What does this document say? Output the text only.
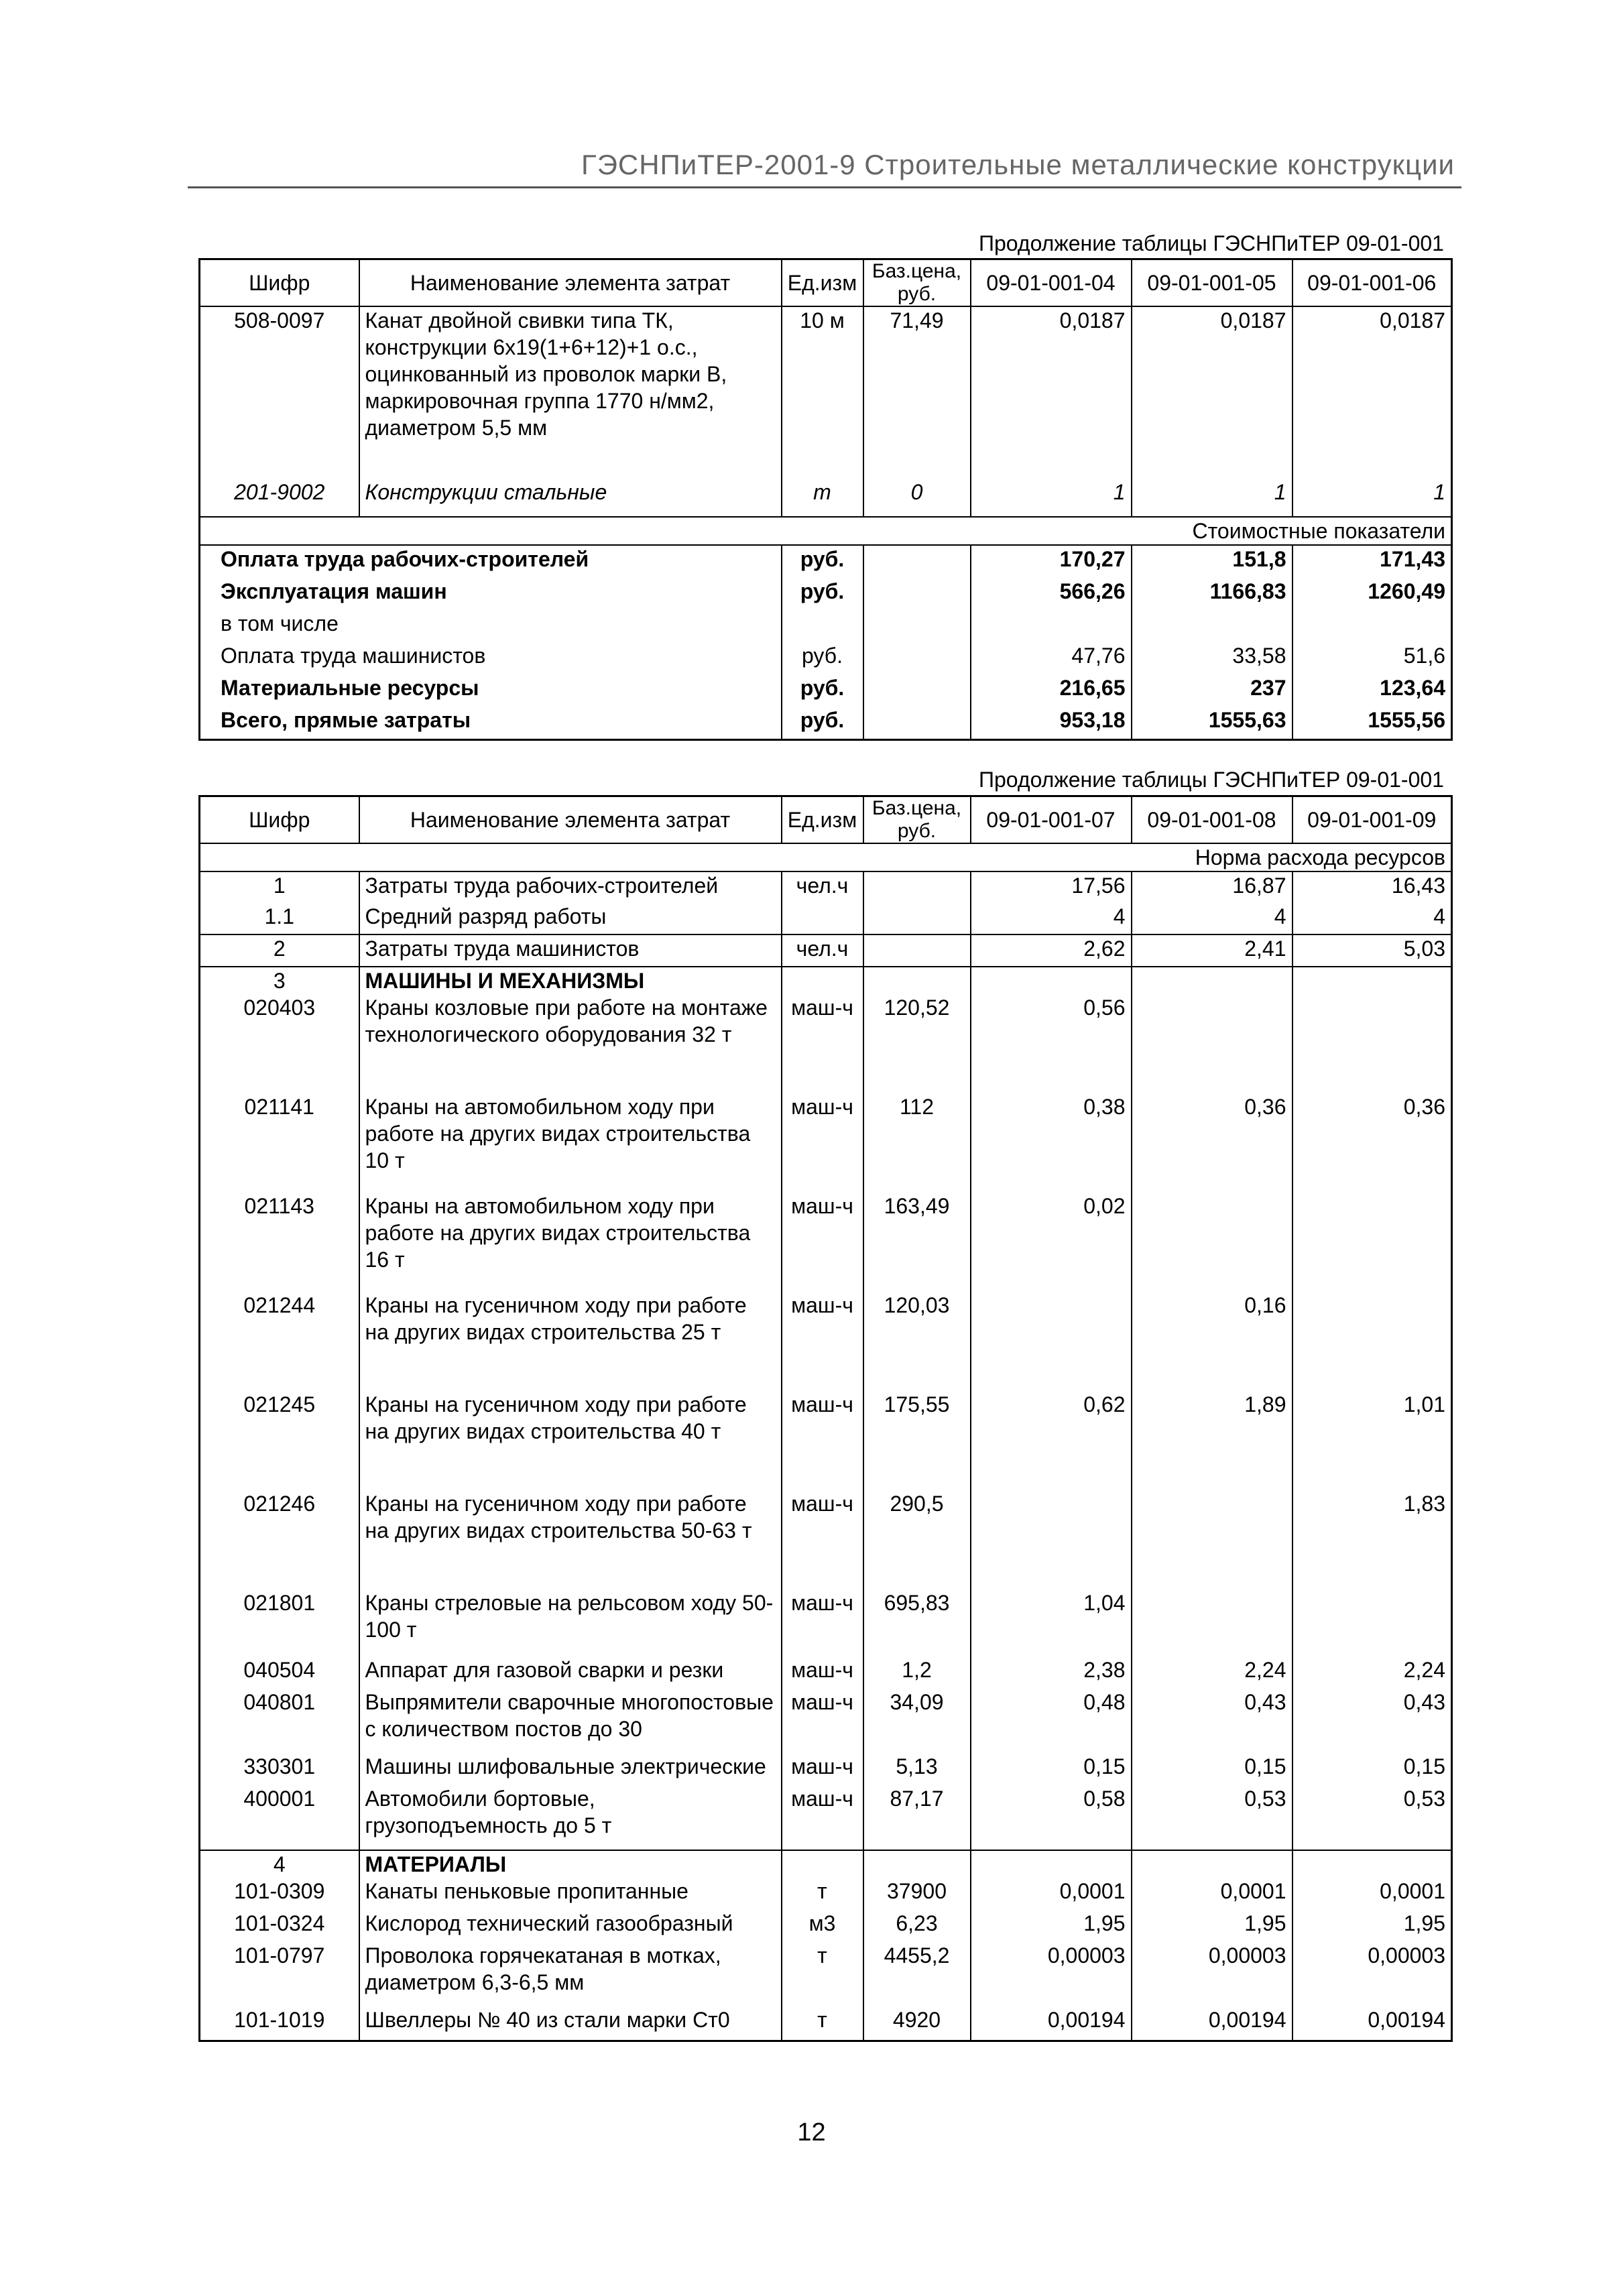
ГЭСНПиТЕР-2001-9 Строительные металлические конструкции
Продолжение таблицы ГЭСНПиТЕР 09-01-001
Шифр	Наименование элемента затрат	Ед.изм	Баз.цена, руб.	09-01-001-04	09-01-001-05	09-01-001-06
508-0097	Канат двойной свивки типа ТК, конструкции 6х19(1+6+12)+1 о.с., оцинкованный из проволок марки В, маркировочная группа 1770 н/мм2, диаметром 5,5 мм	10 м	71,49	0,0187	0,0187	0,0187
201-9002	Конструкции стальные	т	0	1	1	1
Стоимостные показатели						
Оплата труда рабочих-строителей		руб.		170,27	151,8	171,43
Эксплуатация машин		руб.		566,26	1166,83	1260,49
в том числе						
Оплата труда машинистов		руб.		47,76	33,58	51,6
Материальные ресурсы		руб.		216,65	237	123,64
Всего, прямые затраты		руб.		953,18	1555,63	1555,56
Продолжение таблицы ГЭСНПиТЕР 09-01-001
Шифр	Наименование элемента затрат	Ед.изм	Баз.цена, руб.	09-01-001-07	09-01-001-08	09-01-001-09
Норма расхода ресурсов						
1	Затраты труда рабочих-строителей	чел.ч		17,56	16,87	16,43
1.1	Средний разряд работы			4	4	4
2	Затраты труда машинистов	чел.ч		2,62	2,41	5,03
3	МАШИНЫ И МЕХАНИЗМЫ					
020403	Краны козловые при работе на монтаже технологического оборудования 32 т	маш-ч	120,52	0,56		
021141	Краны на автомобильном ходу при работе на других видах строительства 10 т	маш-ч	112	0,38	0,36	0,36
021143	Краны на автомобильном ходу при работе на других видах строительства 16 т	маш-ч	163,49	0,02		
021244	Краны на гусеничном ходу при работе на других видах строительства 25 т	маш-ч	120,03		0,16	
021245	Краны на гусеничном ходу при работе на других видах строительства 40 т	маш-ч	175,55	0,62	1,89	1,01
021246	Краны на гусеничном ходу при работе на других видах строительства 50-63 т	маш-ч	290,5			1,83
021801	Краны стреловые на рельсовом ходу 50-100 т	маш-ч	695,83	1,04		
040504	Аппарат для газовой сварки и резки	маш-ч	1,2	2,38	2,24	2,24
040801	Выпрямители сварочные многопостовые с количеством постов до 30	маш-ч	34,09	0,48	0,43	0,43
330301	Машины шлифовальные электрические	маш-ч	5,13	0,15	0,15	0,15
400001	Автомобили бортовые, грузоподъемность до 5 т	маш-ч	87,17	0,58	0,53	0,53
4	МАТЕРИАЛЫ					
101-0309	Канаты пеньковые пропитанные	т	37900	0,0001	0,0001	0,0001
101-0324	Кислород технический газообразный	м3	6,23	1,95	1,95	1,95
101-0797	Проволока горячекатаная в мотках, диаметром 6,3-6,5 мм	т	4455,2	0,00003	0,00003	0,00003
101-1019	Швеллеры № 40 из стали марки Ст0	т	4920	0,00194	0,00194	0,00194
12
